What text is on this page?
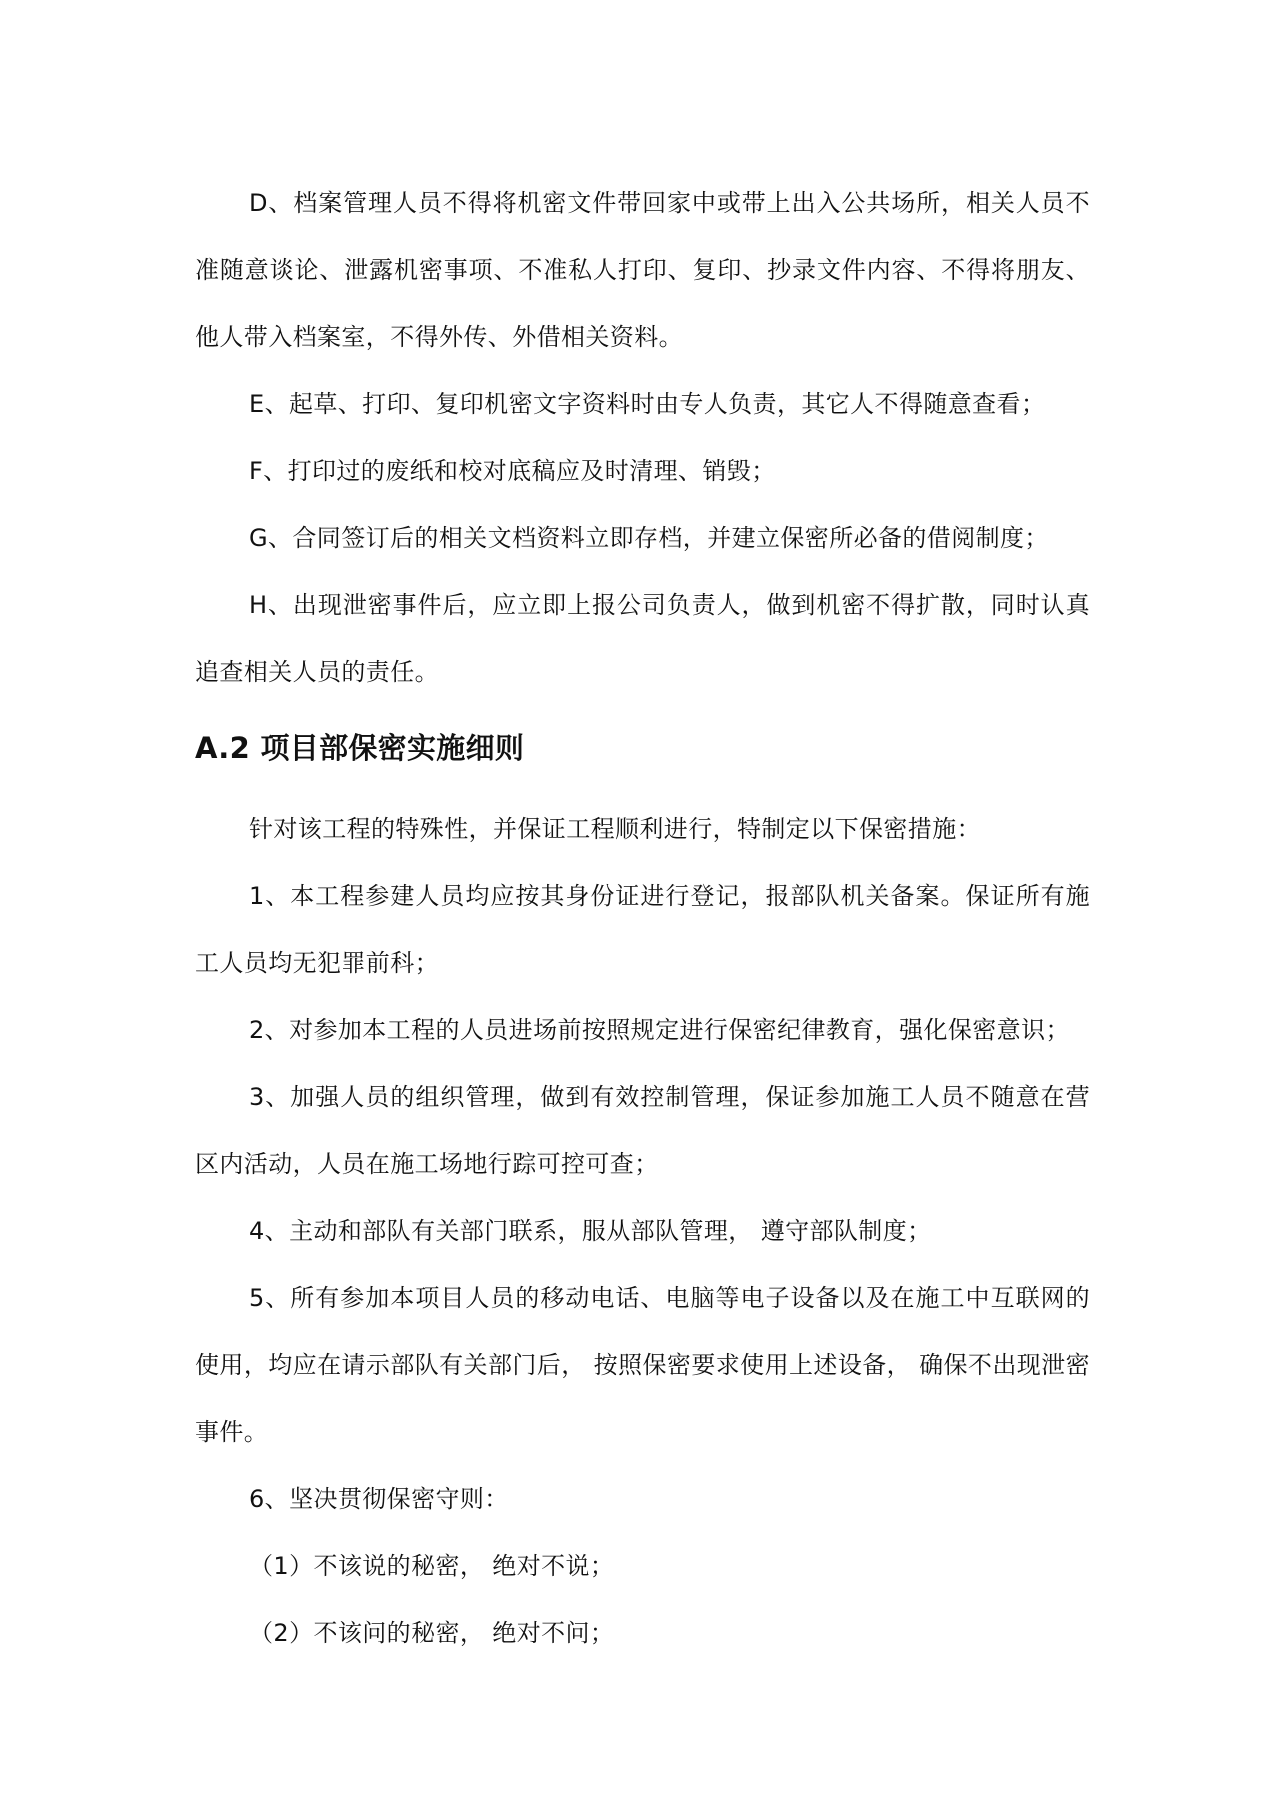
D、档案管理人员不得将机密文件带回家中或带上出入公共场所，相关人员不准随意谈论、泄露机密事项、不准私人打印、复印、抄录文件内容、不得将朋友、他人带入档案室，不得外传、外借相关资料。

E、起草、打印、复印机密文字资料时由专人负责，其它人不得随意查看；

F、打印过的废纸和校对底稿应及时清理、销毁；

G、合同签订后的相关文档资料立即存档，并建立保密所必备的借阅制度；

H、出现泄密事件后，应立即上报公司负责人，做到机密不得扩散，同时认真追查相关人员的责任。

A.2 项目部保密实施细则

针对该工程的特殊性，并保证工程顺利进行，特制定以下保密措施：

1、本工程参建人员均应按其身份证进行登记，报部队机关备案。保证所有施工人员均无犯罪前科；

2、对参加本工程的人员进场前按照规定进行保密纪律教育，强化保密意识；

3、加强人员的组织管理，做到有效控制管理，保证参加施工人员不随意在营区内活动，人员在施工场地行踪可控可查；

4、主动和部队有关部门联系，服从部队管理， 遵守部队制度；

5、所有参加本项目人员的移动电话、电脑等电子设备以及在施工中互联网的使用，均应在请示部队有关部门后， 按照保密要求使用上述设备， 确保不出现泄密事件。

6、坚决贯彻保密守则：

（1）不该说的秘密， 绝对不说；

（2）不该问的秘密， 绝对不问；
